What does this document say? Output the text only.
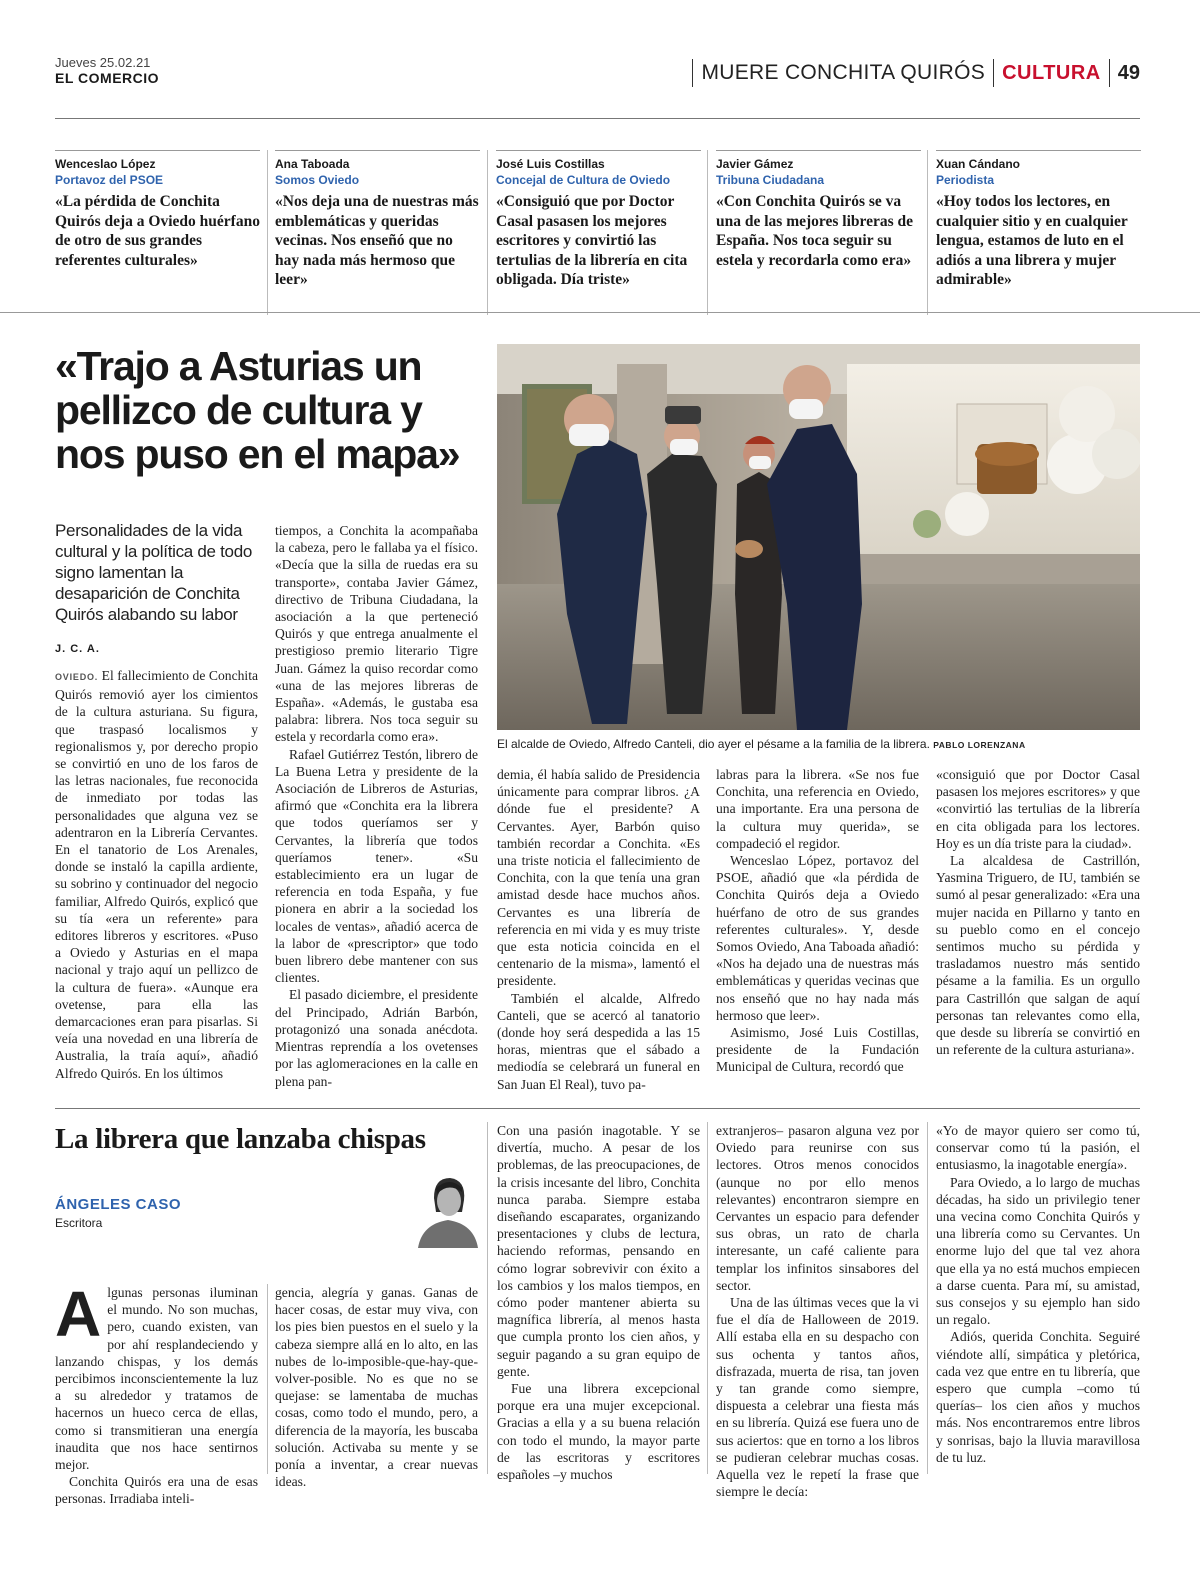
Jueves 25.02.21
EL COMERCIO	MUERE CONCHITA QUIRÓS CULTURA 49
Wenceslao López
Portavoz del PSOE
«La pérdida de Conchita Quirós deja a Oviedo huérfano de otro de sus grandes referentes culturales»
Ana Taboada
Somos Oviedo
«Nos deja una de nuestras más emblemáticas y queridas vecinas. Nos enseñó que no hay nada más hermoso que leer»
José Luis Costillas
Concejal de Cultura de Oviedo
«Consiguió que por Doctor Casal pasasen los mejores escritores y convirtió las tertulias de la librería en cita obligada. Día triste»
Javier Gámez
Tribuna Ciudadana
«Con Conchita Quirós se va una de las mejores libreras de España. Nos toca seguir su estela y recordarla como era»
Xuan Cándano
Periodista
«Hoy todos los lectores, en cualquier sitio y en cualquier lengua, estamos de luto en el adiós a una librera y mujer admirable»
«Trajo a Asturias un pellizco de cultura y nos puso en el mapa»
Personalidades de la vida cultural y la política de todo signo lamentan la desaparición de Conchita Quirós alabando su labor
J. C. A.

OVIEDO. El fallecimiento de Conchita Quirós removió ayer los cimientos de la cultura asturiana. Su figura, que traspasó localismos y regionalismos y, por derecho propio se convirtió en uno de los faros de las letras nacionales, fue reconocida de inmediato por todas las personalidades que alguna vez se adentraron en la Librería Cervantes. En el tanatorio de Los Arenales, donde se instaló la capilla ardiente, su sobrino y continuador del negocio familiar, Alfredo Quirós, explicó que su tía «era un referente» para editores libreros y escritores. «Puso a Oviedo y Asturias en el mapa nacional y trajo aquí un pellizco de la cultura de fuera». «Aunque era ovetense, para ella las demarcaciones eran para pisarlas. Si veía una novedad en una librería de Australia, la traía aquí», añadió Alfredo Quirós. En los últimos

tiempos, a Conchita la acompañaba la cabeza, pero le fallaba ya el físico. «Decía que la silla de ruedas era su transporte», contaba Javier Gámez, directivo de Tribuna Ciudadana, la asociación a la que perteneció Quirós y que entrega anualmente el prestigioso premio literario Tigre Juan. Gámez la quiso recordar como «una de las mejores libreras de España». «Además, le gustaba esa palabra: librera. Nos toca seguir su estela y recordarla como era».

Rafael Gutiérrez Testón, librero de La Buena Letra y presidente de la Asociación de Libreros de Asturias, afirmó que «Conchita era la librera que todos queríamos ser y Cervantes, la librería que todos queríamos tener». «Su establecimiento era un lugar de referencia en toda España, y fue pionera en abrir a la sociedad los locales de ventas», añadió acerca de la labor de «prescriptor» que todo buen librero debe mantener con sus clientes.

El pasado diciembre, el presidente del Principado, Adrián Barbón, protagonizó una sonada anécdota. Mientras reprendía a los ovetenses por las aglomeraciones en la calle en plena pan-

El alcalde de Oviedo, Alfredo Canteli, dio ayer el pésame a la familia de la librera. PABLO LORENZANA

demia, él había salido de Presidencia únicamente para comprar libros. ¿A dónde fue el presidente? A Cervantes. Ayer, Barbón quiso también recordar a Conchita. «Es una triste noticia el fallecimiento de Conchita, con la que tenía una gran amistad desde hace muchos años. Cervantes es una librería de referencia en mi vida y es muy triste que esta noticia coincida en el centenario de la misma», lamentó el presidente.

También el alcalde, Alfredo Canteli, que se acercó al tanatorio (donde hoy será despedida a las 15 horas, mientras que el sábado a mediodía se celebrará un funeral en San Juan El Real), tuvo pa-

labras para la librera. «Se nos fue Conchita, una referencia en Oviedo, una importante. Era una persona de la cultura muy querida», se compadeció el regidor.

Wenceslao López, portavoz del PSOE, añadió que «la pérdida de Conchita Quirós deja a Oviedo huérfano de otro de sus grandes referentes culturales». Y, desde Somos Oviedo, Ana Taboada añadió: «Nos ha dejado una de nuestras más emblemáticas y queridas vecinas que nos enseñó que no hay nada más hermoso que leer».

Asimismo, José Luis Costillas, presidente de la Fundación Municipal de Cultura, recordó que

«consiguió que por Doctor Casal pasasen los mejores escritores» y que «convirtió las tertulias de la librería en cita obligada para los lectores. Hoy es un día triste para la ciudad».

La alcaldesa de Castrillón, Yasmina Triguero, de IU, también se sumó al pesar generalizado: «Era una mujer nacida en Pillarno y tanto en su pueblo como en el concejo sentimos mucho su pérdida y trasladamos nuestro más sentido pésame a la familia. Es un orgullo para Castrillón que salgan de aquí personas tan relevantes como ella, que desde su librería se convirtió en un referente de la cultura asturiana».

La librera que lanzaba chispas
ÁNGELES CASO
Escritora

Algunas personas iluminan el mundo. No son muchas, pero, cuando existen, van por ahí resplandeciendo y lanzando chispas, y los demás percibimos inconscientemente la luz a su alrededor y tratamos de hacernos un hueco cerca de ellas, como si transmitieran una energía inaudita que nos hace sentirnos mejor.

Conchita Quirós era una de esas personas. Irradiaba inteli-

gencia, alegría y ganas. Ganas de hacer cosas, de estar muy viva, con los pies bien puestos en el suelo y la cabeza siempre allá en lo alto, en las nubes de lo-imposible-que-hay-que-volver-posible. No es que no se quejase: se lamentaba de muchas cosas, como todo el mundo, pero, a diferencia de la mayoría, les buscaba solución. Activaba su mente y se ponía a inventar, a crear nuevas ideas.

Con una pasión inagotable. Y se divertía, mucho. A pesar de los problemas, de las preocupaciones, de la crisis incesante del libro, Conchita nunca paraba. Siempre estaba diseñando escaparates, organizando presentaciones y clubs de lectura, haciendo reformas, pensando en cómo lograr sobrevivir con éxito a los cambios y los malos tiempos, en cómo poder mantener abierta su magnífica librería, al menos hasta que cumpla pronto los cien años, y seguir pagando a su gran equipo de gente.

Fue una librera excepcional porque era una mujer excepcional. Gracias a ella y a su buena relación con todo el mundo, la mayor parte de las escritoras y escritores españoles –y muchos

extranjeros– pasaron alguna vez por Oviedo para reunirse con sus lectores. Otros menos conocidos (aunque no por ello menos relevantes) encontraron siempre en Cervantes un espacio para defender sus obras, un rato de charla interesante, un café caliente para templar los infinitos sinsabores del sector.

Una de las últimas veces que la vi fue el día de Halloween de 2019. Allí estaba ella en su despacho con sus ochenta y tantos años, disfrazada, muerta de risa, tan joven y tan grande como siempre, dispuesta a celebrar una fiesta más en su librería. Quizá ese fuera uno de sus aciertos: que en torno a los libros se pudieran celebrar muchas cosas. Aquella vez le repetí la frase que siempre le decía:

«Yo de mayor quiero ser como tú, conservar como tú la pasión, el entusiasmo, la inagotable energía».

Para Oviedo, a lo largo de muchas décadas, ha sido un privilegio tener una vecina como Conchita Quirós y una librería como su Cervantes. Un enorme lujo del que tal vez ahora que ella ya no está muchos empiecen a darse cuenta. Para mí, su amistad, sus consejos y su ejemplo han sido un regalo.

Adiós, querida Conchita. Seguiré viéndote allí, simpática y pletórica, cada vez que entre en tu librería, que espero que cumpla –como tú querías– los cien años y muchos más. Nos encontraremos entre libros y sonrisas, bajo la lluvia maravillosa de tu luz.
